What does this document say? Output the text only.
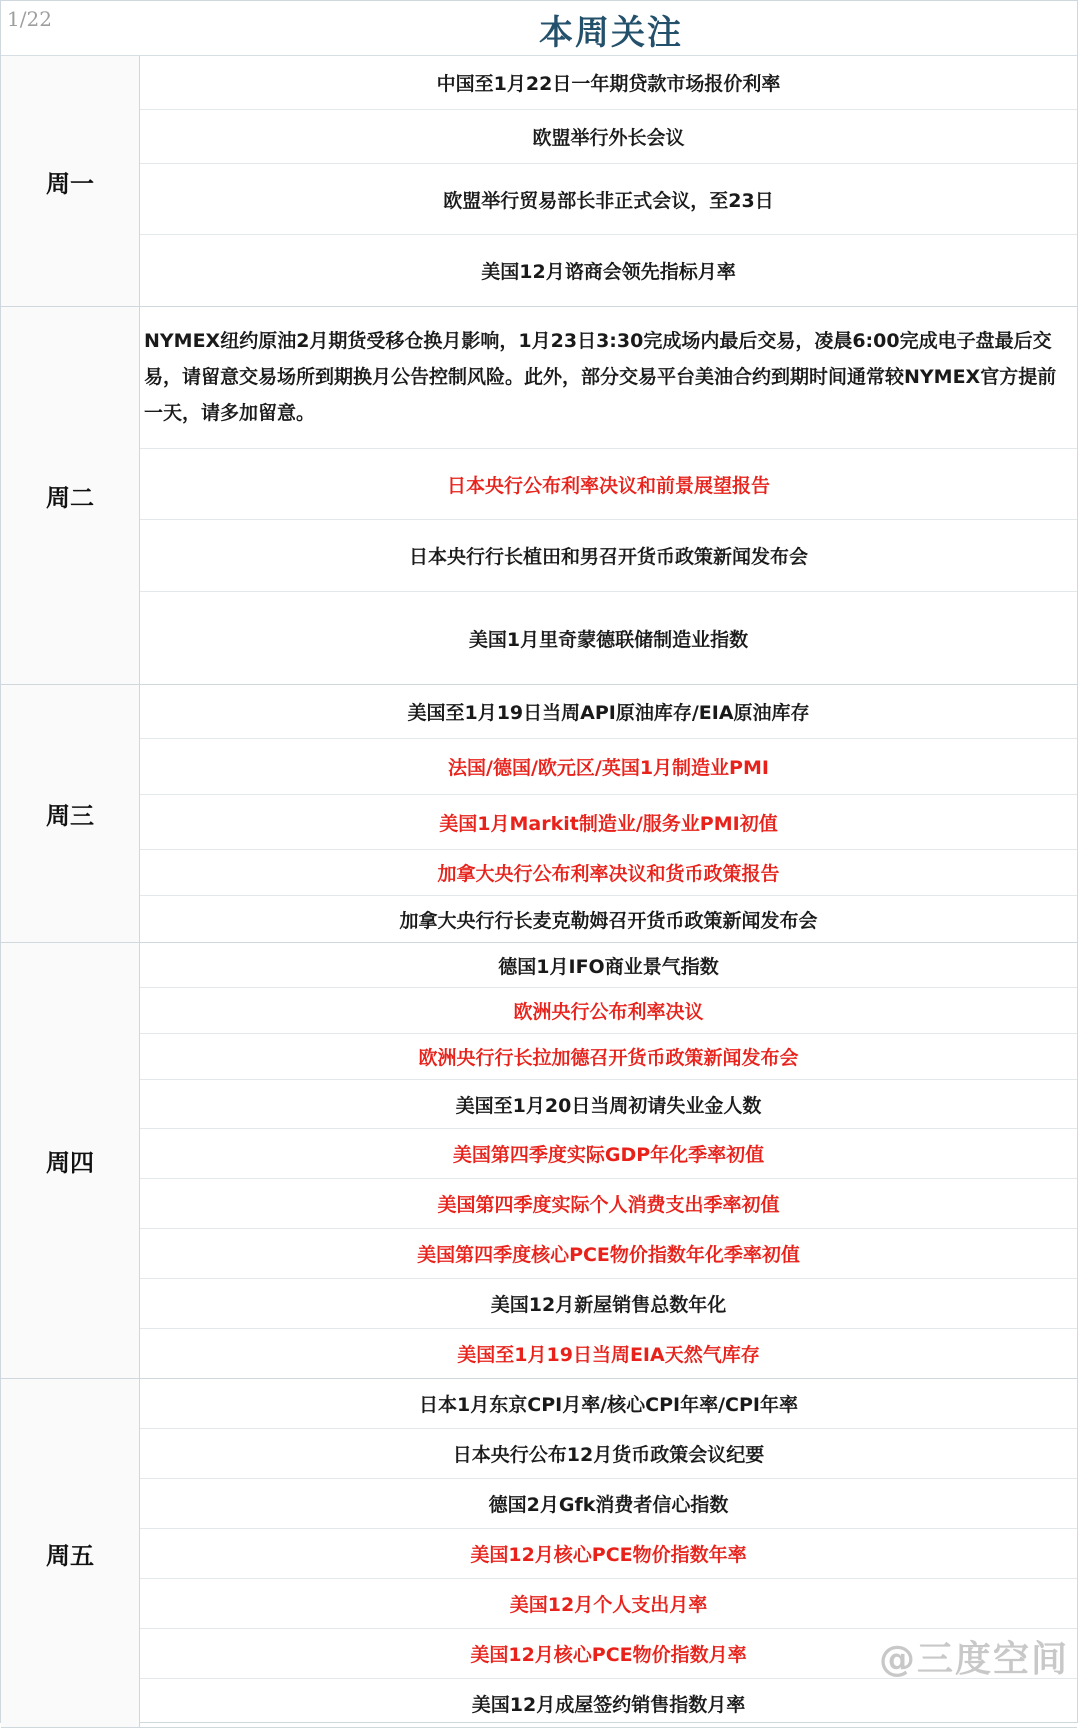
1/22	本周关注
周一
中国至1月22日一年期贷款市场报价利率
欧盟举行外长会议
欧盟举行贸易部长非正式会议，至23日
美国12月谘商会领先指标月率
周二
NYMEX纽约原油2月期货受移仓换月影响，1月23日3:30完成场内最后交易，凌晨6:00完成电子盘最后交易，请留意交易场所到期换月公告控制风险。此外，部分交易平台美油合约到期时间通常较NYMEX官方提前一天，请多加留意。
日本央行公布利率决议和前景展望报告
日本央行行长植田和男召开货币政策新闻发布会
美国1月里奇蒙德联储制造业指数
周三
美国至1月19日当周API原油库存/EIA原油库存
法国/德国/欧元区/英国1月制造业PMI
美国1月Markit制造业/服务业PMI初值
加拿大央行公布利率决议和货币政策报告
加拿大央行行长麦克勒姆召开货币政策新闻发布会
周四
德国1月IFO商业景气指数
欧洲央行公布利率决议
欧洲央行行长拉加德召开货币政策新闻发布会
美国至1月20日当周初请失业金人数
美国第四季度实际GDP年化季率初值
美国第四季度实际个人消费支出季率初值
美国第四季度核心PCE物价指数年化季率初值
美国12月新屋销售总数年化
美国至1月19日当周EIA天然气库存
周五
日本1月东京CPI月率/核心CPI年率/CPI年率
日本央行公布12月货币政策会议纪要
德国2月Gfk消费者信心指数
美国12月核心PCE物价指数年率
美国12月个人支出月率
美国12月核心PCE物价指数月率
美国12月成屋签约销售指数月率
@三度空间
